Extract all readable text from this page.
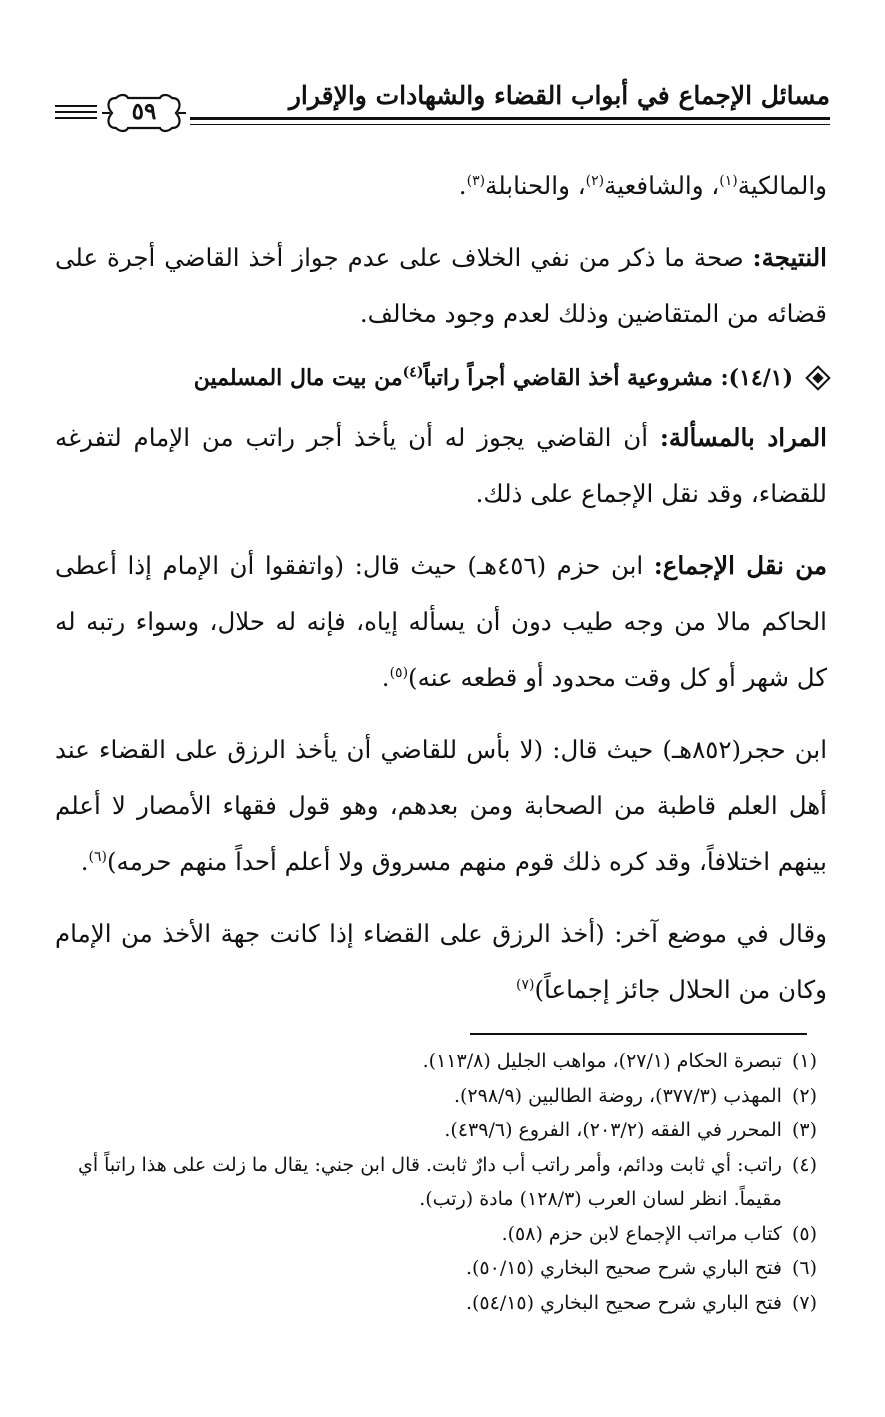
مسائل الإجماع في أبواب القضاء والشهادات والإقرار
٥٩

والمالكية$^{(١)}$، والشافعية$^{(٢)}$، والحنابلة$^{(٣)}$.

النتيجة: صحة ما ذكر من نفي الخلاف على عدم جواز أخذ القاضي أجرة على قضائه من المتقاضين وذلك لعدم وجود مخالف.

(١٤/١): مشروعية أخذ القاضي أجراً راتباً$^{(٤)}$من بيت مال المسلمين

المراد بالمسألة: أن القاضي يجوز له أن يأخذ أجر راتب من الإمام لتفرغه للقضاء، وقد نقل الإجماع على ذلك.

من نقل الإجماع: ابن حزم (٤٥٦هـ) حيث قال: (واتفقوا أن الإمام إذا أعطى الحاكم مالا من وجه طيب دون أن يسأله إياه، فإنه له حلال، وسواء رتبه له كل شهر أو كل وقت محدود أو قطعه عنه)$^{(٥)}$.

ابن حجر(٨٥٢هـ) حيث قال: (لا بأس للقاضي أن يأخذ الرزق على القضاء عند أهل العلم قاطبة من الصحابة ومن بعدهم، وهو قول فقهاء الأمصار لا أعلم بينهم اختلافاً، وقد كره ذلك قوم منهم مسروق ولا أعلم أحداً منهم حرمه)$^{(٦)}$.

وقال في موضع آخر: (أخذ الرزق على القضاء إذا كانت جهة الأخذ من الإمام وكان من الحلال جائز إجماعاً)$^{(٧)}$

(١)
تبصرة الحكام (٢٧/١)، مواهب الجليل (١١٣/٨).
(٢)
المهذب (٣٧٧/٣)، روضة الطالبين (٢٩٨/٩).
(٣)
المحرر في الفقه (٢٠٣/٢)، الفروع (٤٣٩/٦).
(٤)
راتب: أي ثابت ودائم، وأمر راتب أب دارٌ ثابت. قال ابن جني: يقال ما زلت على هذا راتباً أي مقيماً. انظر لسان العرب (١٢٨/٣) مادة (رتب).
(٥)
كتاب مراتب الإجماع لابن حزم (٥٨).
(٦)
فتح الباري شرح صحيح البخاري (٥٠/١٥).
(٧)
فتح الباري شرح صحيح البخاري (٥٤/١٥).
